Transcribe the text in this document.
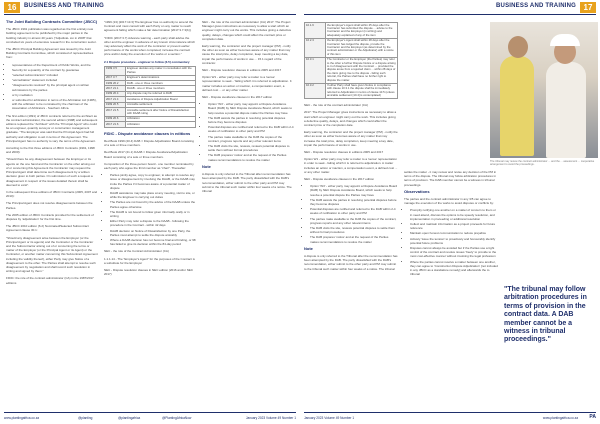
16	BUSINESS AND TRAINING
The Joint Building Contracts Committee (JBCC)

The JBCC 1991 publication was regarded as the first entirely new building agreement to be published by the major parties in the building industry in almost 40 years ("Adjudicat- ion in 2008" that concluded six years of extensive research in the construction sector.

The JBCC Principal Building Agreement was issued by the Joint Building Contracts Committee, which consisted of representatives from:

• representatives of the Department of Public Works, and the
• Security for a quantity of the contract by guarantee
• "selected subcontractors" included
• "accreditation" statement included
• "disagreements resolved" by the principal agent on written submissions by the parties
• or by mediation
• or submitted for arbitration in terms of the Arbitration Act (1965), with the arbitrator to be nominated by the chairman of the Association of Arbitrators - Southern Africa.

The first edition (1991) of JBCC contracts referred to the architect as the contract administrator, the second edition (1998) and subsequent editions replaced the "Architect" with the "Principal Agent" who could be an engineer, quantity surveyor or construction management graduate. "The Employer was said that the Principal Agent had full authority and obligation to act in terms of this Agreement. The Principal Agent has no authority to vary the terms of the Agreement.

According to the first three editions of JBCC Contracts (1991, 1998 and 2000):

"Should there be any disagreement between the Employer or its agents on the one hand and the Contractor on the other arising out of or concerning this Agreement the Contractor may request the Principal Agent shall determine such disagreement by a written decision given to both parties. On submission of such a request a disagreement in respect of the issues detailed therein shall be deemed to exist".

In the subsequent three editions of JBCC Contracts (2005, 2007 and 2010):

The Principal Agent does not resolve disagreements between the Parties.

The 2005 edition of JBCC Contracts provided for the settlement of disputes by 'adjudication' for the first time.

The JBCC 2010 edition (6.2) Nominated/Selected Subcontract Agreement clause 30.1:

"Should any disagreement arise between the Employer (or the Principal Agent or its agents) and the Contractor or the Contractor and the Subcontractor arising out of or concerning the terms or matter of the Employer (or the Principal Agent or its Agent) or the Contractor, or another matter concerning this Subcontract Agreement including the validity thereof), either Party may give Notice of a disagreement to the other. The Parties shall attempt to resolve such disagreement by negotiation and shall record such resolution in writing and signed by them."

FIDIC: the role of the contract administrator (CA) in the 1987/2017 editions

"1999 (13) [2017:13.3] The Engineer has no authority to amend the Contract and must consult with each Party on any matter to reach agreement failing which make a fair determination [2017:3.7.3(b)].

"FIDIC (2017:3.7) Advance warning - each party shall advise the other and the engineer in advance of any known circumstance which may adversely affect the work of the contractor or prevent earlier performance of the works when completed; increase the contract price and/or delay the execution of the works or a section."

2.1 Dispute procedure - engineer to follow (3.5) commentary
1999 3.5	Engineer decides any matter in consultation with the Parties
2017 3.7	Engineer's determinations
1999 20.2	DAB - one or three members
2017 21.1	DAAB - one or three members
1999 20.4	Any dispute may be referred to DAB
2017 21.4	Avoidance of Dispute Adjudication Board
1999 20.5	Amicable settlement
2017 21.5	Amicable settlement after Notice of Dissatisfaction with DAAB ruling
1999 20.6	Arbitration
2017 21.6	Arbitration
FIDIC - Dispute avoidance clauses in editions

Red Book 1999 (20.4) DAB = Dispute Adjudication Board consisting of a sole or three members.

Red Book 2017 (21.1) DAAB = Dispute Avoidance/Adjudication Board consisting of a sole or three members.

Composition of the three-person board - one member nominated by each party who agree the third member as "chair". Thereafter:

• Parties jointly agree, copy to engineer, to attempt to resolve any issue or disagreement by involving the DAAB, or the DAAB may invite the Parties if it becomes aware of a potential matter of dispute
• DAAB assistance may take place at any meeting, visit to site, or while the Engineer is carrying out duties
• The Parties are not bound by the advice of the DAAB unless the Parties agree otherwise
• The DAAB is not bound to follow given informally orally or in writing
• Either Party may refer a dispute to the DAAB - following the procedure in the Contract - within 42 days
• DAAB decision on Notice of Dissatisfaction by one Party, the Parties must attempt to settle the dispute amicably
• Where a DAAB decision has not become final and binding, or 98 has failed to give its decision within the 84-day period

NEC - the role of the Contract Administrator (CA)

1.1.1.14 - The "Employer's Agent" for the purposes of the Contract is a substitute for the Employer

NEC - Dispute resolution clauses in NEC edition (2016 and/or NEC 2017)

NEC - the role of the contract administrator (CA) 2017: The Project Manager gives instructions as necessary to allow a start which an engineer might carry out the works. This includes giving a defective quality, delays, changes which could affect the contract price or completion date.

Early warning, the contractor and the project manager (PM) - notify the other as soon as either becomes aware of any matter that may cause the total price, delay completion, keep meeting a key date, impair the performance of works in use ... 15.1 regard of the contractor.

NEC - Dispute resolution clauses in editions 2005 and 2017

Option W1 - either party may refer a matter to a 'sense' representation to seek - 'failing which it is referred to adjudication. It matter includes an action or inaction, a compensation event, a defined cost ... or any other matter.

NEC - Dispute avoidance clauses in the 2017 edition

• Option 'W3' - either party may appoint a Dispute Avoidance Board (DAB) by NEC Dispute Avoidance Board, which seeks to help resolve a potential dispute matter the Parties may have
• The DAB assists the parties in resolving potential disputes before they become disputes
• Potential disputes are notified and referred to the DAB within 2-4 weeks of notification to other party and PM
• The parties make available to the DAB the copies of the contract, progress reports and any other relevant items
• The DAB visits the site, reviews, reviews potential disputes to settle them without formal procedures
• The DAB prepares 'notice' and at the request of the Parties makes recommendations to resolve the matter
Note

A dispute is only referred to the Tribunal after recommendation has been attempted by the DAB. The party dissatisfied with the DAB's recommendation, either submit to the other party and PM may submit to the tribunal such matter within four weeks of a notice. The tribunal

www.plantingafrica.co.za	@planting	@plantingafrica	@PlantingAfricaNow	January 2023 Volume 49 Number 1
BUSINESS AND TRAINING 17
10.1.6	the Employer's Agent shall within 25 days after the Contractor has submitted the dispute ... advise to the Contractor and the Employer (in writing) and adequately explained of any of the item
10.2.3	the Employer's Agent shall within 28 days after the Contractor has lodged the dispute, provide the Contractor and the Employer (as determined by the contract administrator or the Adjudicator) with a notice of this item
10.3.1	The Contractor or the Employer (the Parties) may refer to the other a further Dispute Notice or a dispute arising to it of disagreement with the Contract ... provided the dispute arose from a rejected claim ... within 28 days of the claim giving rise to the dispute - failing such referral, the Parties shall have no further right to dispute the matter.
10.3.2	If either Party shall have given Notice in compliance with clause 10.3.1 the dispute shall be immediately referred to Adjudication in terms of clause 10.5 (unless amicable settlement [10.4] is contemplated)

NEC - the role of the contract administrator (CA)

2017: The Project Manager gives instructions as necessary to allow a start which an engineer might carry out the work. This includes giving a defective quality, delays, and changes which could affect the contract price or the completion date.

Early warning, the contractor and the project manager (PM) - notify the other as soon as either becomes aware of any matter that may increase the total price, delay completion, keep meeting a key date, impair the performance of works in use.

NEC - Dispute resolution clauses in editions 2005 and 2017

Option W1 - either party may refer a matter to a 'sense' representation in order to seek - failing which it is referred to adjudication. A matter includes an action or inaction, a compensation event, a defined cost ... or any other matter.

NEC - Dispute avoidance clauses in the 2017 edition

• Option 'W3' - either party may appoint a Dispute Avoidance Board (DAB) by NEC Dispute Avoidance Board, which seeks to help resolve a potential dispute the Parties may have
• The DAB assists the parties in resolving potential disputes before they become disputes
• Potential disputes are notified and referred to the DAB within 2-4 weeks of notification to other party and PM
• The parties make available to the DAB the copies of the contract, progress reports and any other relevant items
• The DAB visits the site, reviews potential disputes to settle them without formal procedures
• The DAB prepares 'notice' and at the request of the Parties makes recommendations to resolve the matter
Note

A dispute is only referred to the Tribunal after the recommendation has been attempted by the DAB. The party dissatisfied with the DAB's recommendation, either submit to the other party and PM may submit to the tribunal such matter within four weeks of a notice. The tribunal

settles the matter - it may review and revise any decision of the PM in terms of the dispute. The tribunal may follow arbitration procedures in terms of provision. The DAB member cannot be a witness in tribunal proceedings.

Observations

The parties and the contract administrator in any 3/5 can agree to manage the execution of the works to avoid disputes or conflicts by:

• Promptly notifying one another on a matter of concern to them or in need attend, discuss the options to be speedy resolution, and implementation in proceeding or additional resolution
• Collect and maintain information as a project proceeds for future reference
• Maintain open honest communication to reduce prejudice
• Actively 'issue the tension' to proactively and honourably identify potential future problems
• Disputes cannot always be avoided but if the Parties use a tight control of the contract and resolve issues 'freely' to provide to the most cost-effective manner without involving the legal profession
• Where the parties cannot resolve a matter between one another, they can agree to 'Construction Dispute Adjudication' [not included in any JBCC as a standalone remedy] and afterwards the to tribunal
The tribunal may review the contract administrator ... and the ... assessment ... cooperative arrangement to avoid the proceedings.
"The tribunal may follow arbitration procedures in terms of provision in the contract data. A DAB member cannot be a witness in tribunal proceedings."
January 2023 Volume 49 Number 1	www.plantingafrica.co.za PA
